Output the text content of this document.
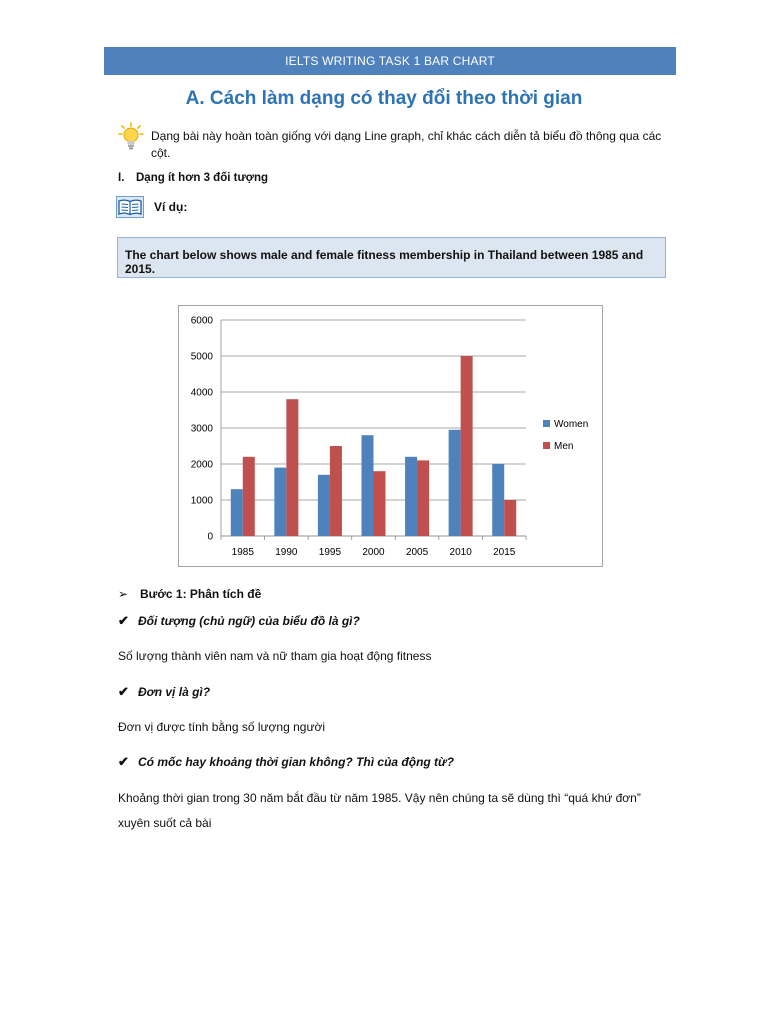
IELTS WRITING TASK 1 BAR CHART
A. Cách làm dạng có thay đổi theo thời gian
Dạng bài này hoàn toàn giống với dạng Line graph, chỉ khác cách diễn tả biểu đồ thông qua các cột.
I. Dạng ít hơn 3 đối tượng
Ví dụ:
The chart below shows male and female fitness membership in Thailand between 1985 and 2015.
0
1000
2000
3000
4000
5000
6000
1985 1990 1995 2000 2005 2010 2015
Women
Men
➢ Bước 1: Phân tích đề
✔ Đối tượng (chủ ngữ) của biểu đồ là gì?
Số lượng thành viên nam và nữ tham gia hoạt động fitness
✔ Đơn vị là gì?
Đơn vị được tính bằng số lượng người
✔ Có mốc hay khoảng thời gian không? Thì của động từ?
Khoảng thời gian trong 30 năm bắt đầu từ năm 1985. Vậy nên chúng ta sẽ dùng thì “quá khứ đơn” xuyên suốt cả bài
